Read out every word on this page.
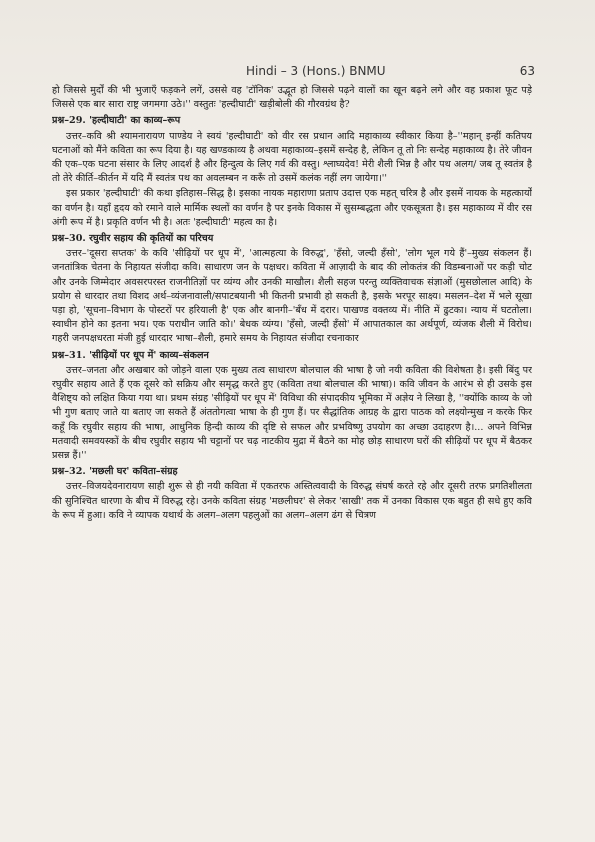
Hindi – 3 (Hons.) BNMU	63

हो जिससे मुर्दों की भी भुजाएँ फड़कने लगें, उससे वह 'टॉनिक' उद्भूत हो जिससे पढ़ने वालों का खून बढ़ने लगे और वह प्रकाश फूट पड़े जिससे एक बार सारा राष्ट्र जगमगा उठे।'' वस्तुतः 'हल्दीघाटी' खड़ीबोली की गौरवग्रंथ है?

प्रश्न–29. 'हल्दीघाटी' का काव्य–रूप

उत्तर–कवि श्री श्यामनारायण पाण्डेय ने स्वयं 'हल्दीघाटी' को वीर रस प्रधान आदि महाकाव्य स्वीकार किया है–''महान् इन्हीं कतिपय घटनाओं को मैंने कविता का रूप दिया है। यह खण्डकाव्य है अथवा महाकाव्य–इसमें सन्देह है, लेकिन तू तो निः सन्देह महाकाव्य है। तेरे जीवन की एक–एक घटना संसार के लिए आदर्श है और हिन्दुत्व के लिए गर्व की वस्तु। श्लाघ्यदेव! मेरी शैली भिन्न है और पथ अलग/ जब तू स्वतंत्र है तो तेरे कीर्ति–कीर्तन में यदि मैं स्वतंत्र पथ का अवलम्बन न करूँ तो उसमें कलंक नहीं लग जायेगा।''

इस प्रकार 'हल्दीघाटी' की कथा इतिहास–सिद्ध है। इसका नायक महाराणा प्रताप उदात्त एक महत् चरित्र है और इसमें नायक के महत्कार्यों का वर्णन है। यहाँ हृदय को रमाने वाले मार्मिक स्थलों का वर्णन है पर इनके विकास में सुसम्बद्धता और एकसूत्रता है। इस महाकाव्य में वीर रस अंगी रूप में है। प्रकृति वर्णन भी है। अतः 'हल्दीघाटी' महत्व का है।

प्रश्न–30. रघुवीर सहाय की कृतियों का परिचय

उत्तर–'दूसरा सप्तक' के कवि 'सीढ़ियों पर धूप में', 'आत्महत्या के विरुद्ध', 'हँसो, जल्दी हँसो', 'लोग भूल गये हैं'–मुख्य संकलन हैं। जनतांत्रिक चेतना के निहायत संजीदा कवि। साधारण जन के पक्षधर। कविता में आज़ादी के बाद की लोकतंत्र की विडम्बनाओं पर कड़ी चोट और उनके जिम्मेदार अवसरपरस्त राजनीतिज्ञों पर व्यंग्य और उनकी माखौल। शैली सहज परन्तु व्यक्तिवाचक संज्ञाओं (मुसछोलाल आदि) के प्रयोग से धारदार तथा विशद अर्थ–व्यंजनावाली/सपाटबयानी भी कितनी प्रभावी हो सकती है, इसके भरपूर साक्ष्य। मसलन–देश में भले सूखा पड़ा हो, 'सूचना–विभाग के पोस्टरों पर हरियाली है' एक और बानगी–'बँध में दरार। पाखण्ड वक्तव्य में। नीति में ढुटका। न्याय में घटतोला। स्वाधीन होने का इतना भय। एक पराधीन जाति को।' बेधक व्यंग्य। 'हँसो, जल्दी हँसो' में आपातकाल का अर्थपूर्ण, व्यंजक शैली में विरोध। गहरी जनपक्षधरता मंजी हुई धारदार भाषा–शैली, हमारे समय के निहायत संजीदा रचनाकार

प्रश्न–31. 'सीढ़ियों पर धूप में' काव्य–संकलन

उत्तर–जनता और अखबार को जोड़ने वाला एक मुख्य तत्व साधारण बोलचाल की भाषा है जो नयी कविता की विशेषता है। इसी बिंदु पर रघुवीर सहाय आते हैं एक दूसरे को सक्रिय और समृद्ध करते हुए (कविता तथा बोलचाल की भाषा)। कवि जीवन के आरंभ से ही उसके इस वैशिष्ट्य को लक्षित किया गया था। प्रथम संग्रह 'सीढ़ियों पर धूप में' विविधा की संपादकीय भूमिका में अज्ञेय ने लिखा है, ''क्योंकि काव्य के जो भी गुण बताए जाते या बताए जा सकते हैं अंततोगत्वा भाषा के ही गुण हैं। पर सैद्धांतिक आग्रह के द्वारा पाठक को लक्ष्योन्मुख न करके फिर कहूँ कि रघुवीर सहाय की भाषा, आधुनिक हिन्दी काव्य की दृष्टि से सफल और प्रभविष्णु उपयोग का अच्छा उदाहरण है।... अपने विभिन्न मतवादी समवयस्कों के बीच रघुवीर सहाय भी चट्टानों पर चढ़ नाटकीय मुद्रा में बैठने का मोह छोड़ साधारण घरों की सीढ़ियों पर धूप में बैठकर प्रसन्न हैं।''

प्रश्न–32. 'मछली घर' कविता–संग्रह

उत्तर–विजयदेवनारायण साही शुरू से ही नयी कविता में एकतरफ अस्तित्ववादी के विरुद्ध संघर्ष करते रहे और दूसरी तरफ प्रगतिशीलता की सुनिश्चित धारणा के बीच में विरुद्ध रहे। उनके कविता संग्रह 'मछलीघर' से लेकर 'साखी' तक में उनका विकास एक बहुत ही सधे हुए कवि के रूप में हुआ। कवि ने व्यापक यथार्थ के अलग–अलग पहलुओं का अलग–अलग ढंग से चित्रण
